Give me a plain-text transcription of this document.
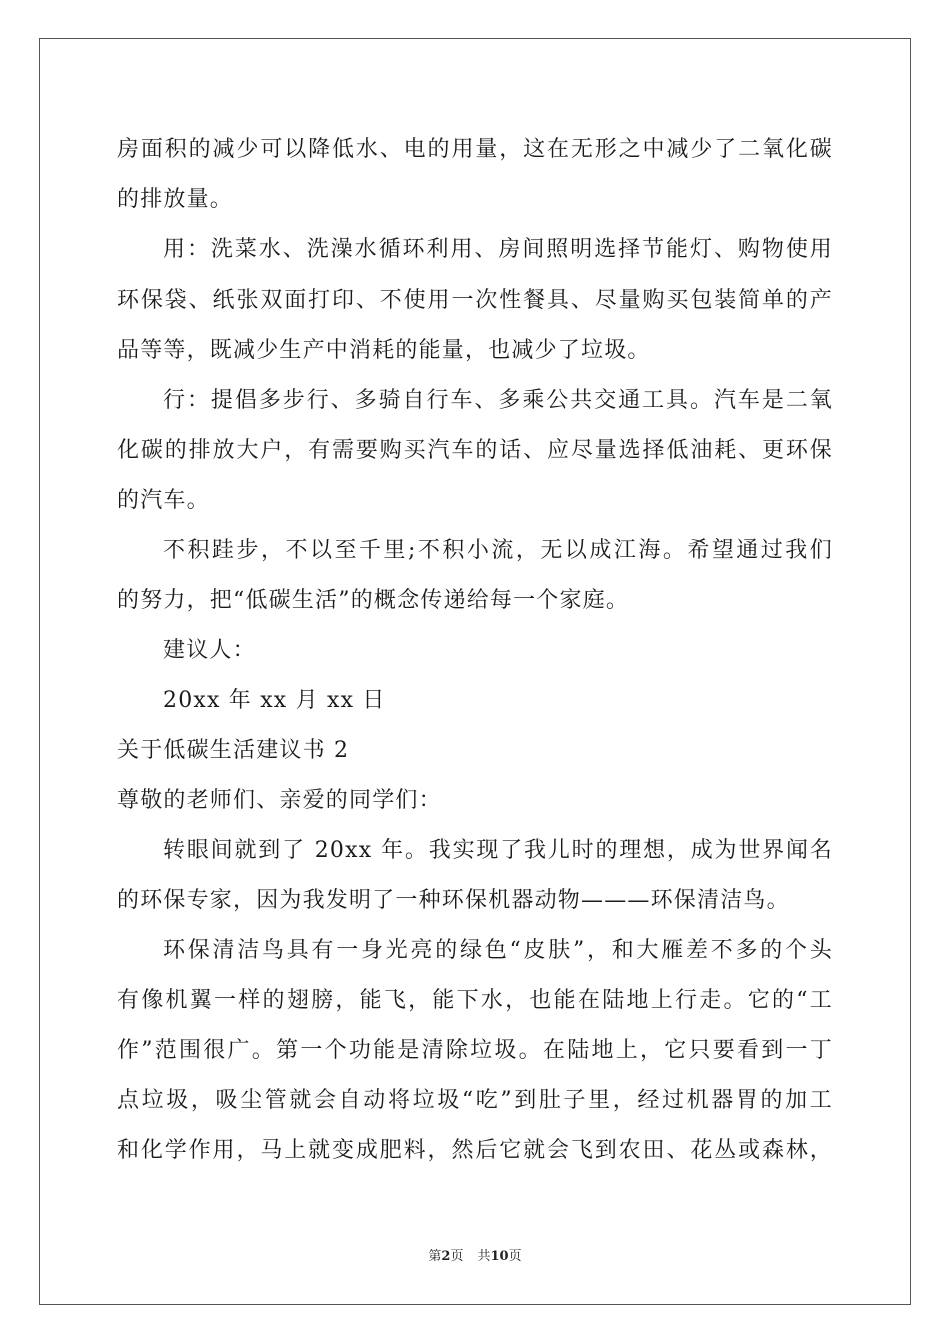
房面积的减少可以降低水、电的用量，这在无形之中减少了二氧化碳
的排放量。
用：洗菜水、洗澡水循环利用、房间照明选择节能灯、购物使用
环保袋、纸张双面打印、不使用一次性餐具、尽量购买包装简单的产
品等等，既减少生产中消耗的能量，也减少了垃圾。
行：提倡多步行、多骑自行车、多乘公共交通工具。汽车是二氧
化碳的排放大户，有需要购买汽车的话、应尽量选择低油耗、更环保
的汽车。
不积跬步，不以至千里;不积小流，无以成江海。希望通过我们
的努力，把“低碳生活”的概念传递给每一个家庭。
建议人：
20xx 年 xx 月 xx 日
关于低碳生活建议书 2
尊敬的老师们、亲爱的同学们：
转眼间就到了 20xx 年。我实现了我儿时的理想，成为世界闻名
的环保专家，因为我发明了一种环保机器动物———环保清洁鸟。
环保清洁鸟具有一身光亮的绿色“皮肤”，和大雁差不多的个头
有像机翼一样的翅膀，能飞，能下水，也能在陆地上行走。它的“工
作”范围很广。第一个功能是清除垃圾。在陆地上，它只要看到一丁
点垃圾，吸尘管就会自动将垃圾“吃”到肚子里，经过机器胃的加工
和化学作用，马上就变成肥料，然后它就会飞到农田、花丛或森林，
第2页 共10页
